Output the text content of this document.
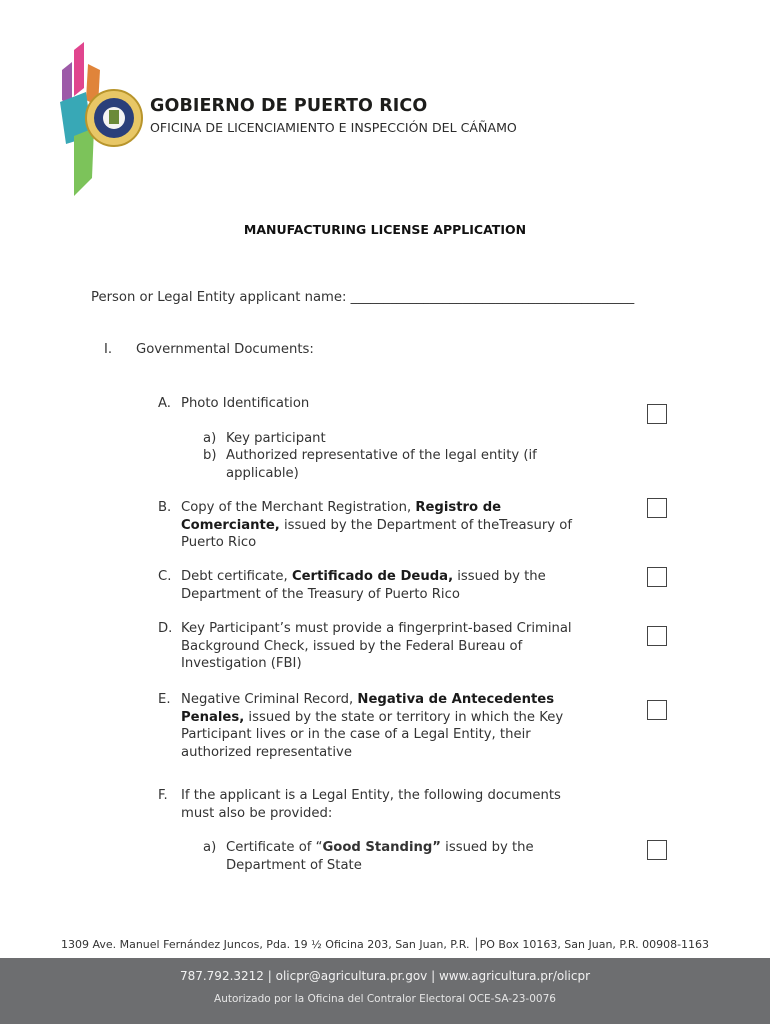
GOBIERNO DE PUERTO RICO
OFICINA DE LICENCIAMIENTO E INSPECCIÓN DEL CÁÑAMO
MANUFACTURING LICENSE APPLICATION
Person or Legal Entity applicant name: ___________________________________________
I. Governmental Documents:
A. Photo Identification
a) Key participant
b) Authorized representative of the legal entity (if applicable)
B. Copy of the Merchant Registration, Registro de Comerciante, issued by the Department of theTreasury of Puerto Rico
C. Debt certificate, Certificado de Deuda, issued by the Department of the Treasury of Puerto Rico
D. Key Participant’s must provide a fingerprint-based Criminal Background Check, issued by the Federal Bureau of Investigation (FBI)
E. Negative Criminal Record, Negativa de Antecedentes Penales, issued by the state or territory in which the Key Participant lives or in the case of a Legal Entity, their authorized representative
F. If the applicant is a Legal Entity, the following documents must also be provided:
a) Certificate of “Good Standing” issued by the Department of State
1309 Ave. Manuel Fernández Juncos, Pda. 19 ½ Oficina 203, San Juan, P.R. │PO Box 10163, San Juan, P.R. 00908-1163
787.792.3212 | olicpr@agricultura.pr.gov | www.agricultura.pr/olicpr
Autorizado por la Oficina del Contralor Electoral OCE-SA-23-0076
